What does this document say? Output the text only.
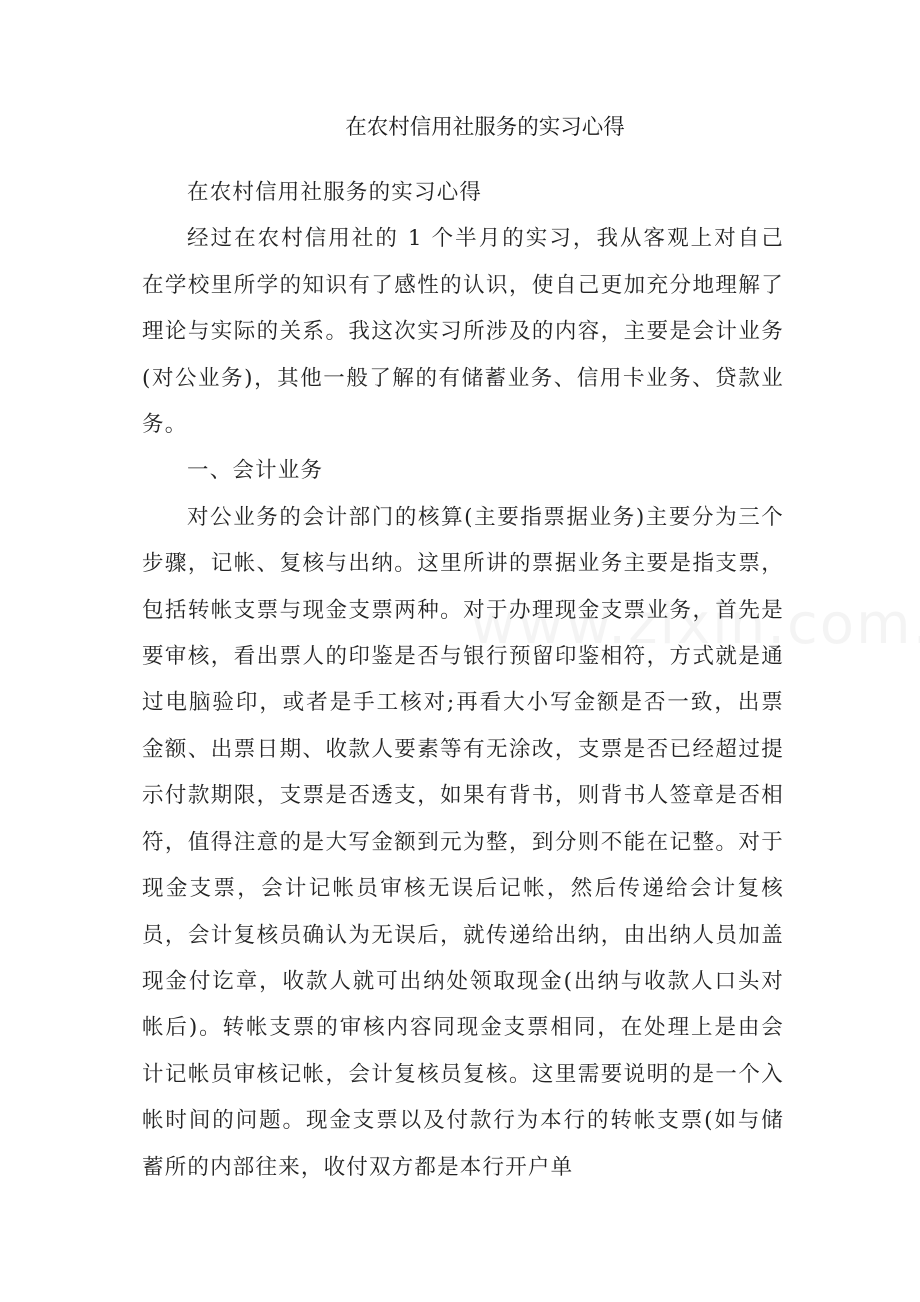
在农村信用社服务的实习心得

在农村信用社服务的实习心得

经过在农村信用社的 1 个半月的实习，我从客观上对自己在学校里所学的知识有了感性的认识，使自己更加充分地理解了理论与实际的关系。我这次实习所涉及的内容，主要是会计业务(对公业务)，其他一般了解的有储蓄业务、信用卡业务、贷款业务。

一、会计业务

对公业务的会计部门的核算(主要指票据业务)主要分为三个步骤，记帐、复核与出纳。这里所讲的票据业务主要是指支票，包括转帐支票与现金支票两种。对于办理现金支票业务，首先是要审核，看出票人的印鉴是否与银行预留印鉴相符，方式就是通过电脑验印，或者是手工核对;再看大小写金额是否一致，出票金额、出票日期、收款人要素等有无涂改，支票是否已经超过提示付款期限，支票是否透支，如果有背书，则背书人签章是否相符，值得注意的是大写金额到元为整，到分则不能在记整。对于现金支票，会计记帐员审核无误后记帐，然后传递给会计复核员，会计复核员确认为无误后，就传递给出纳，由出纳人员加盖现金付讫章，收款人就可出纳处领取现金(出纳与收款人口头对帐后)。转帐支票的审核内容同现金支票相同，在处理上是由会计记帐员审核记帐，会计复核员复核。这里需要说明的是一个入帐时间的问题。现金支票以及付款行为本行的转帐支票(如与储蓄所的内部往来，收付双方都是本行开户单
